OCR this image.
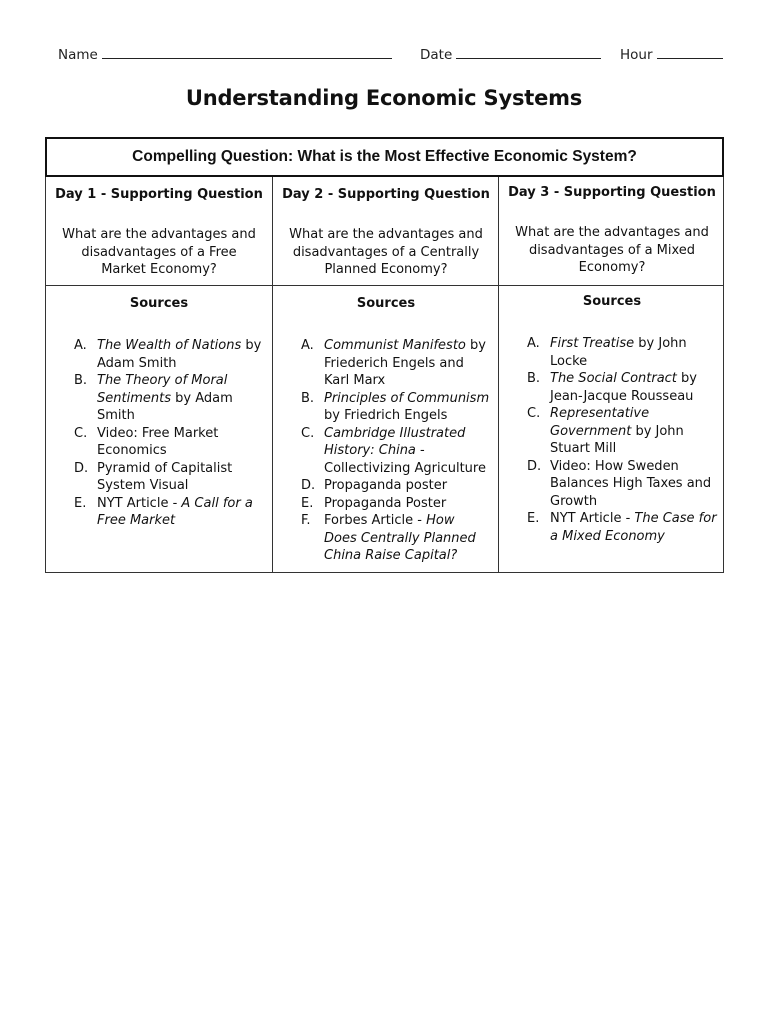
Name	Date	Hour
Understanding Economic Systems
Compelling Question: What is the Most Effective Economic System?
Day 1 - Supporting Question
What are the advantages and disadvantages of a Free Market Economy?
Sources
A. The Wealth of Nations by Adam Smith
B. The Theory of Moral Sentiments by Adam Smith
C. Video: Free Market Economics
D. Pyramid of Capitalist System Visual
E. NYT Article - A Call for a Free Market
Day 2 - Supporting Question
What are the advantages and disadvantages of a Centrally Planned Economy?
Sources
A. Communist Manifesto by Friederich Engels and Karl Marx
B. Principles of Communism by Friedrich Engels
C. Cambridge Illustrated History: China - Collectivizing Agriculture
D. Propaganda poster
E. Propaganda Poster
F. Forbes Article - How Does Centrally Planned China Raise Capital?
Day 3 - Supporting Question
What are the advantages and disadvantages of a Mixed Economy?
Sources
A. First Treatise by John Locke
B. The Social Contract by Jean-Jacque Rousseau
C. Representative Government by John Stuart Mill
D. Video: How Sweden Balances High Taxes and Growth
E. NYT Article - The Case for a Mixed Economy
